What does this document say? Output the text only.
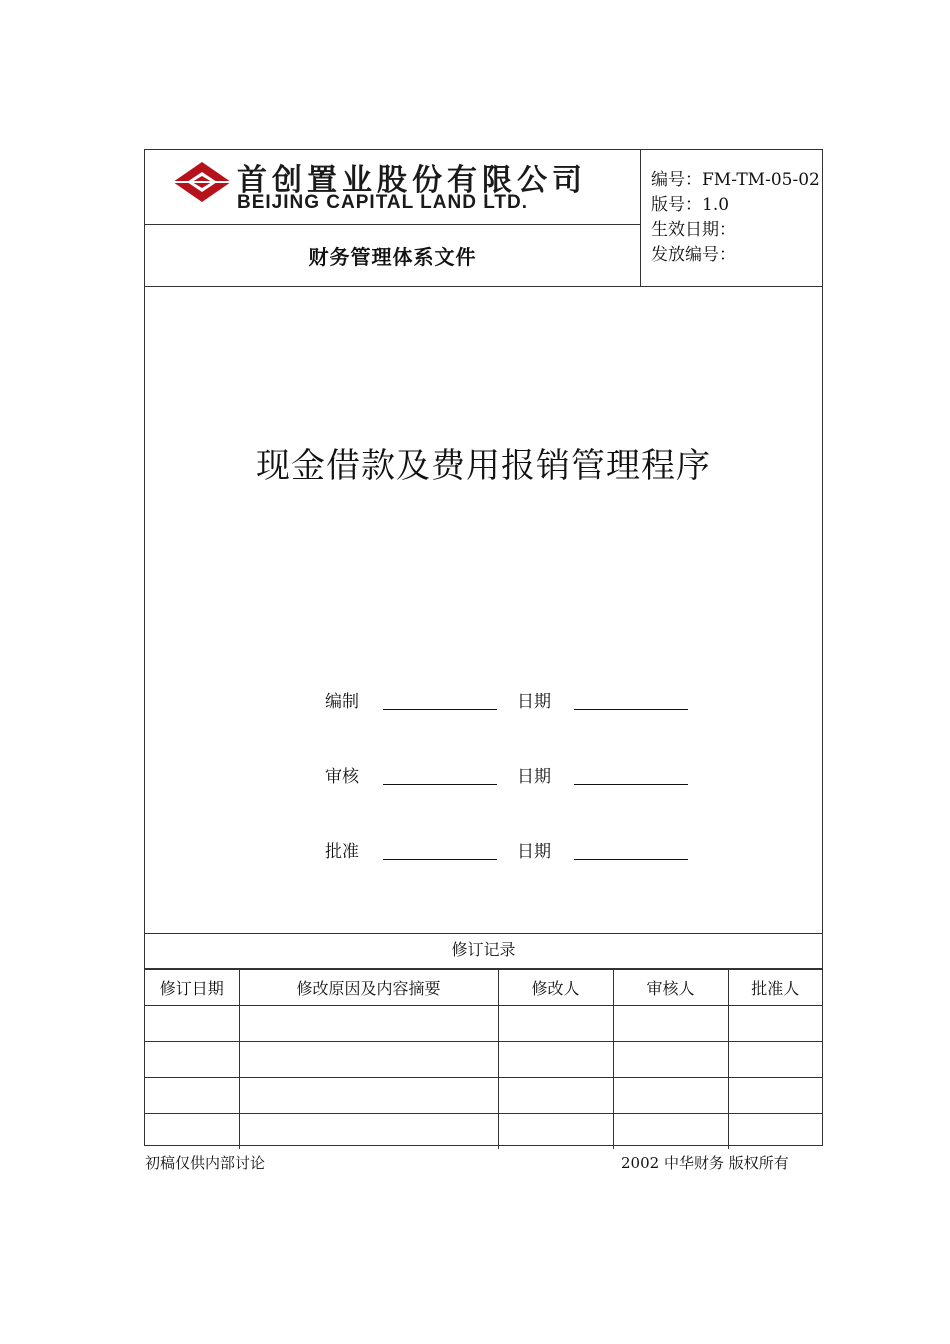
首创置业股份有限公司
BEIJING CAPITAL LAND LTD.
财务管理体系文件
编号：FM-TM-05-02
版号：1.0
生效日期：
发放编号：
现金借款及费用报销管理程序
编制	日期
审核	日期
批准	日期
修订记录
修订日期	修改原因及内容摘要	修改人	审核人	批准人

初稿仅供内部讨论	2002 中华财务 版权所有
